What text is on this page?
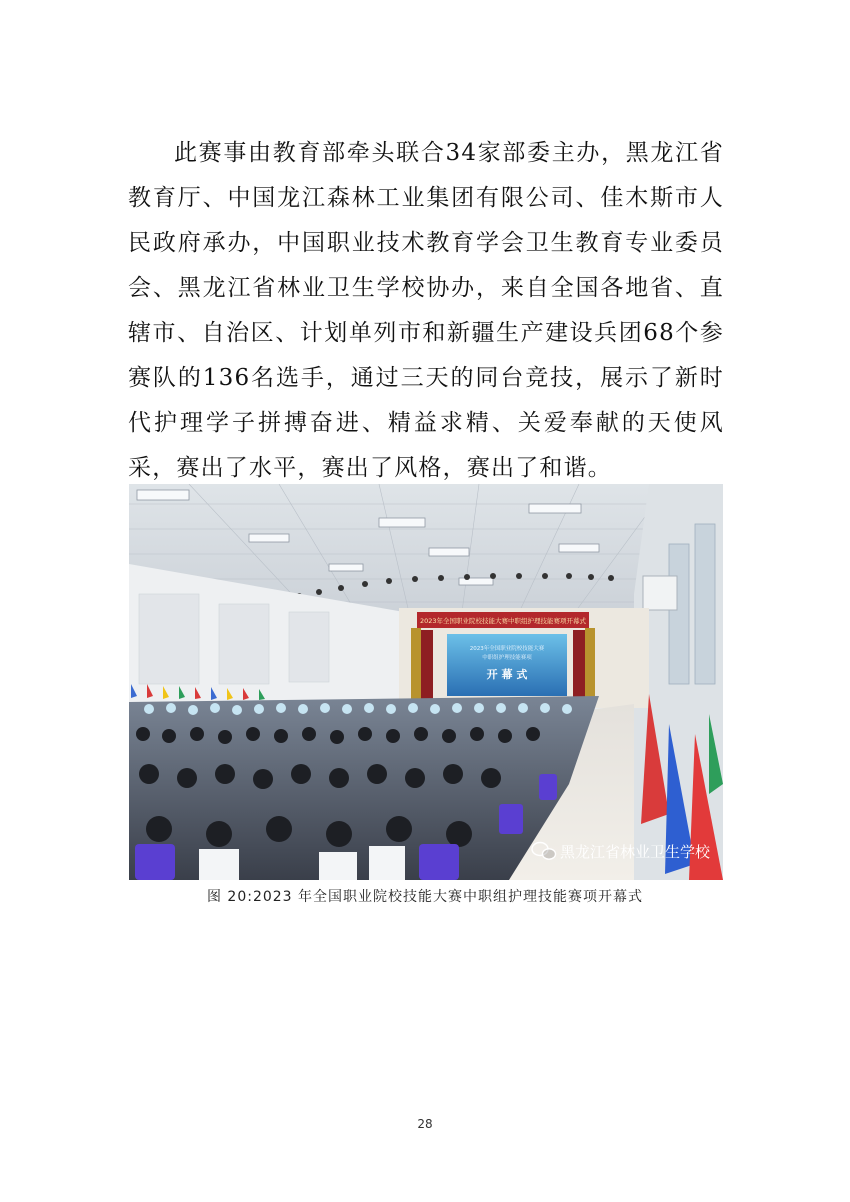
此赛事由教育部牵头联合34家部委主办，黑龙江省教育厅、中国龙江森林工业集团有限公司、佳木斯市人民政府承办，中国职业技术教育学会卫生教育专业委员会、黑龙江省林业卫生学校协办，来自全国各地省、直辖市、自治区、计划单列市和新疆生产建设兵团68个参赛队的136名选手，通过三天的同台竞技，展示了新时代护理学子拼搏奋进、精益求精、关爱奉献的天使风采，赛出了水平，赛出了风格，赛出了和谐。

2023年全国职业院校技能大赛中职组护理技能赛项开幕式
2023年全国职业院校技能大赛
中职组护理技能赛项
开 幕 式
黑龙江省林业卫生学校
图 20:2023 年全国职业院校技能大赛中职组护理技能赛项开幕式
28
